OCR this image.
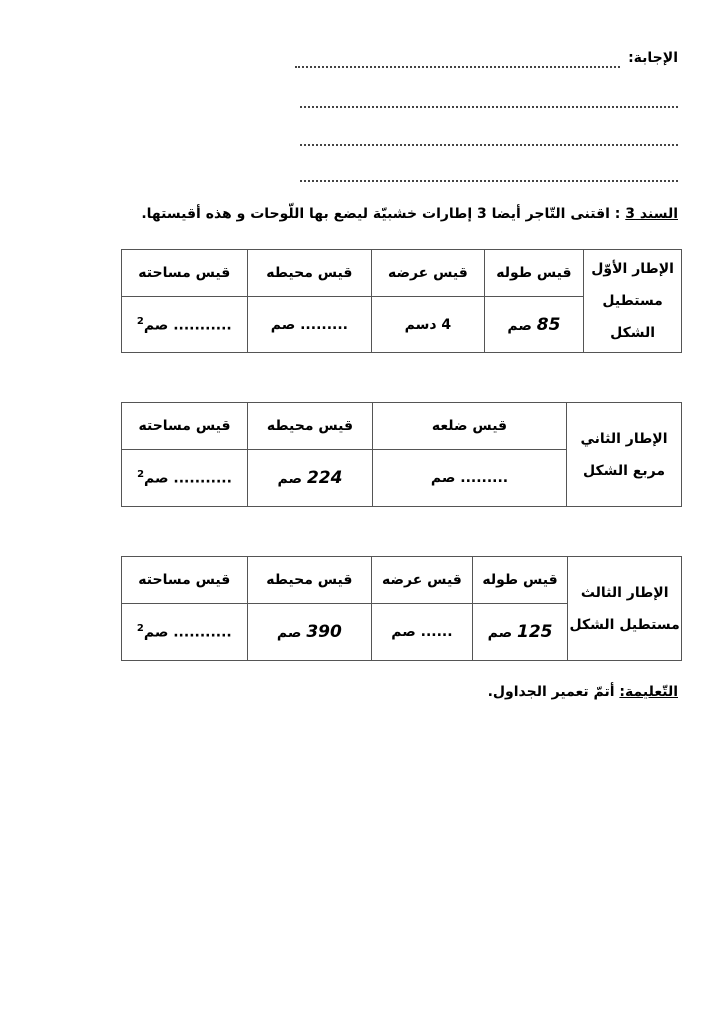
الإجابة:
السند 3 : اقتنى التّاجر أيضا 3 إطارات خشبيّة ليضع بها اللّوحات و هذه أقيستها.
الإطار الأوّل مستطيل الشكل	قيس طوله	قيس عرضه	قيس محيطه	قيس مساحته
	85 صم	4 دسم	......... صم	........... صم$^2$
الإطار الثاني مربع الشكل	قيس ضلعه	قيس محيطه	قيس مساحته
	......... صم	224 صم	........... صم$^2$
الإطار الثالث مستطيل الشكل	قيس طوله	قيس عرضه	قيس محيطه	قيس مساحته
	125 صم	...... صم	390 صم	........... صم$^2$
التّعليمة: أتمّ تعمير الجداول.
